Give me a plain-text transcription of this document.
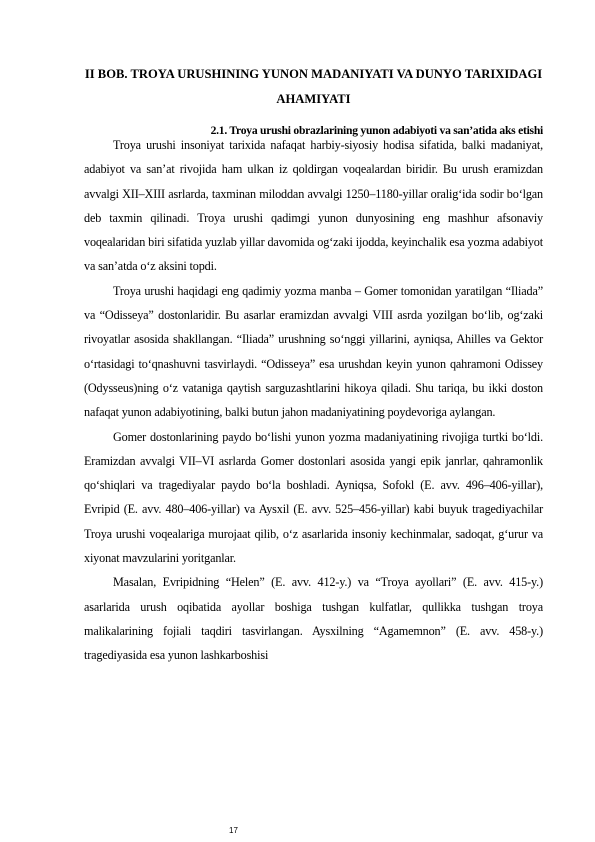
II BOB. TROYA URUSHINING YUNON MADANIYATI VA DUNYO TARIXIDAGI AHAMIYATI
2.1. Troya urushi obrazlarining yunon adabiyoti va san’atida aks etishi

Troya urushi insoniyat tarixida nafaqat harbiy-siyosiy hodisa sifatida, balki madaniyat, adabiyot va san’at rivojida ham ulkan iz qoldirgan voqealardan biridir. Bu urush eramizdan avvalgi XII–XIII asrlarda, taxminan miloddan avvalgi 1250–1180-yillar oralig‘ida sodir bo‘lgan deb taxmin qilinadi. Troya urushi qadimgi yunon dunyosining eng mashhur afsonaviy voqealaridan biri sifatida yuzlab yillar davomida og‘zaki ijodda, keyinchalik esa yozma adabiyot va san’atda o‘z aksini topdi.

Troya urushi haqidagi eng qadimiy yozma manba – Gomer tomonidan yaratilgan “Iliada” va “Odisseya” dostonlaridir. Bu asarlar eramizdan avvalgi VIII asrda yozilgan bo‘lib, og‘zaki rivoyatlar asosida shakllangan. “Iliada” urushning so‘nggi yillarini, ayniqsa, Ahilles va Gektor o‘rtasidagi to‘qnashuvni tasvirlaydi. “Odisseya” esa urushdan keyin yunon qahramoni Odissey (Odysseus)ning o‘z vataniga qaytish sarguzashtlarini hikoya qiladi. Shu tariqa, bu ikki doston nafaqat yunon adabiyotining, balki butun jahon madaniyatining poydevoriga aylangan.

Gomer dostonlarining paydo bo‘lishi yunon yozma madaniyatining rivojiga turtki bo‘ldi. Eramizdan avvalgi VII–VI asrlarda Gomer dostonlari asosida yangi epik janrlar, qahramonlik qo‘shiqlari va tragediyalar paydo bo‘la boshladi. Ayniqsa, Sofokl (E. avv. 496–406-yillar), Evripid (E. avv. 480–406-yillar) va Aysxil (E. avv. 525–456-yillar) kabi buyuk tragediyachilar Troya urushi voqealariga murojaat qilib, o‘z asarlarida insoniy kechinmalar, sadoqat, g‘urur va xiyonat mavzularini yoritganlar.

Masalan, Evripidning “Helen” (E. avv. 412-y.) va “Troya ayollari” (E. avv. 415-y.) asarlarida urush oqibatida ayollar boshiga tushgan kulfatlar, qullikka tushgan troya malikalarining fojiali taqdiri tasvirlangan. Aysxilning “Agamemnon” (E. avv. 458-y.) tragediyasida esa yunon lashkarboshisi

17
